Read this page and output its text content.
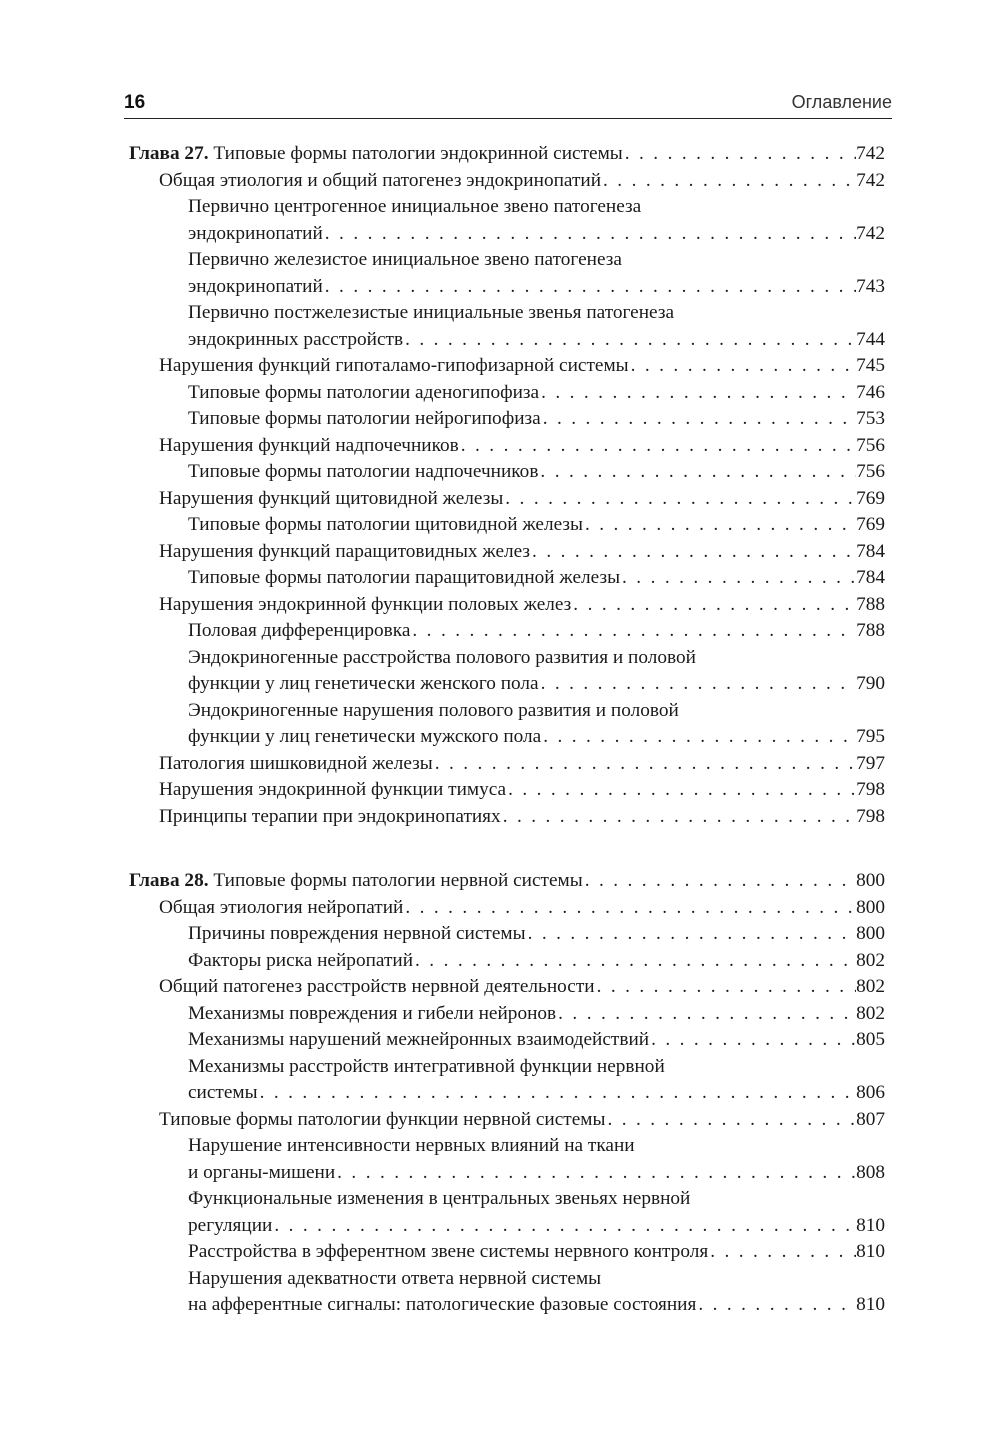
16	Оглавление
Глава 27. Типовые формы патологии эндокринной системы . . .	742
Общая этиология и общий патогенез эндокринопатий . . .	742
Первично центрогенное инициальное звено патогенеза
эндокринопатий . . .	742
Первично железистое инициальное звено патогенеза
эндокринопатий . . .	743
Первично постжелезистые инициальные звенья патогенеза
эндокринных расстройств . . .	744
Нарушения функций гипоталамо-гипофизарной системы . . .	745
Типовые формы патологии аденогипофиза . . .	746
Типовые формы патологии нейрогипофиза . . .	753
Нарушения функций надпочечников . . .	756
Типовые формы патологии надпочечников . . .	756
Нарушения функций щитовидной железы . . .	769
Типовые формы патологии щитовидной железы . . .	769
Нарушения функций паращитовидных желез . . .	784
Типовые формы патологии паращитовидной железы . . .	784
Нарушения эндокринной функции половых желез . . .	788
Половая дифференцировка . . .	788
Эндокриногенные расстройства полового развития и половой
функции у лиц генетически женского пола . . .	790
Эндокриногенные нарушения полового развития и половой
функции у лиц генетически мужского пола . . .	795
Патология шишковидной железы . . .	797
Нарушения эндокринной функции тимуса . . .	798
Принципы терапии при эндокринопатиях . . .	798
Глава 28. Типовые формы патологии нервной системы . . .	800
Общая этиология нейропатий . . .	800
Причины повреждения нервной системы . . .	800
Факторы риска нейропатий . . .	802
Общий патогенез расстройств нервной деятельности . . .	802
Механизмы повреждения и гибели нейронов . . .	802
Механизмы нарушений межнейронных взаимодействий . . .	805
Механизмы расстройств интегративной функции нервной
системы . . .	806
Типовые формы патологии функции нервной системы . . .	807
Нарушение интенсивности нервных влияний на ткани
и органы-мишени . . .	808
Функциональные изменения в центральных звеньях нервной
регуляции . . .	810
Расстройства в эфферентном звене системы нервного контроля . . .	810
Нарушения адекватности ответа нервной системы
на афферентные сигналы: патологические фазовые состояния . . .	810
